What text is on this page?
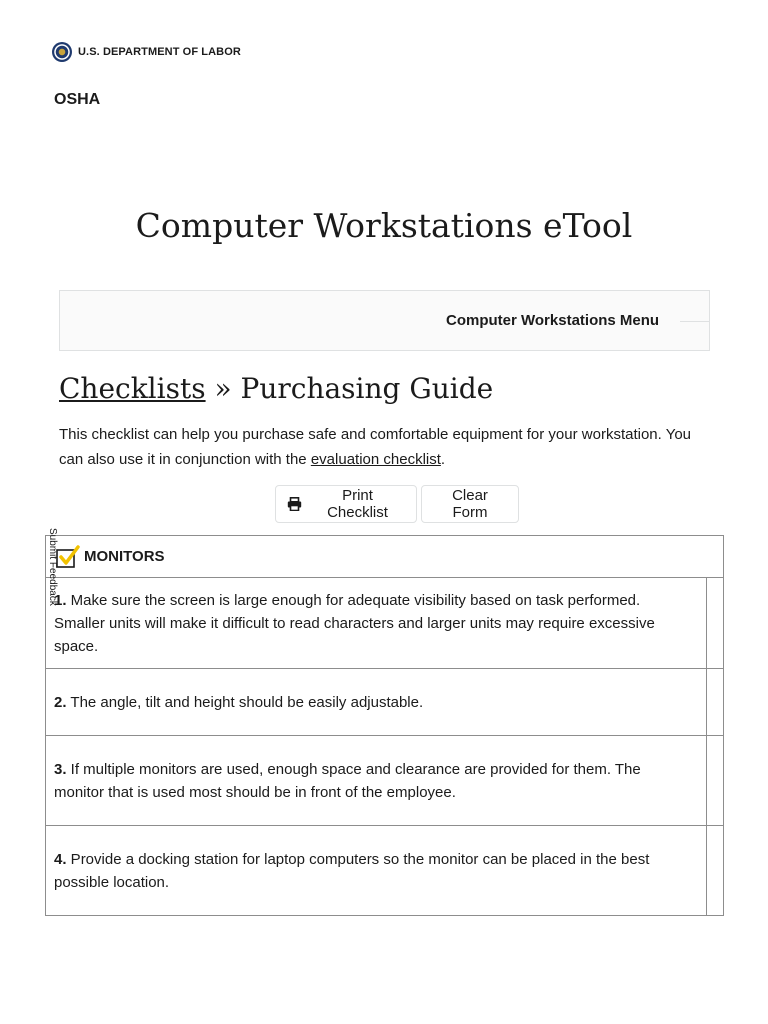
U.S. DEPARTMENT OF LABOR
OSHA
Computer Workstations eTool
Computer Workstations Menu
Checklists » Purchasing Guide

This checklist can help you purchase safe and comfortable equipment for your workstation. You can also use it in conjunction with the evaluation checklist.

Print Checklist
Clear Form
MONITORS
1. Make sure the screen is large enough for adequate visibility based on task performed. Smaller units will make it difficult to read characters and larger units may require excessive space.
2. The angle, tilt and height should be easily adjustable.
3. If multiple monitors are used, enough space and clearance are provided for them. The monitor that is used most should be in front of the employee.
4. Provide a docking station for laptop computers so the monitor can be placed in the best possible location.
Submit Feedback
